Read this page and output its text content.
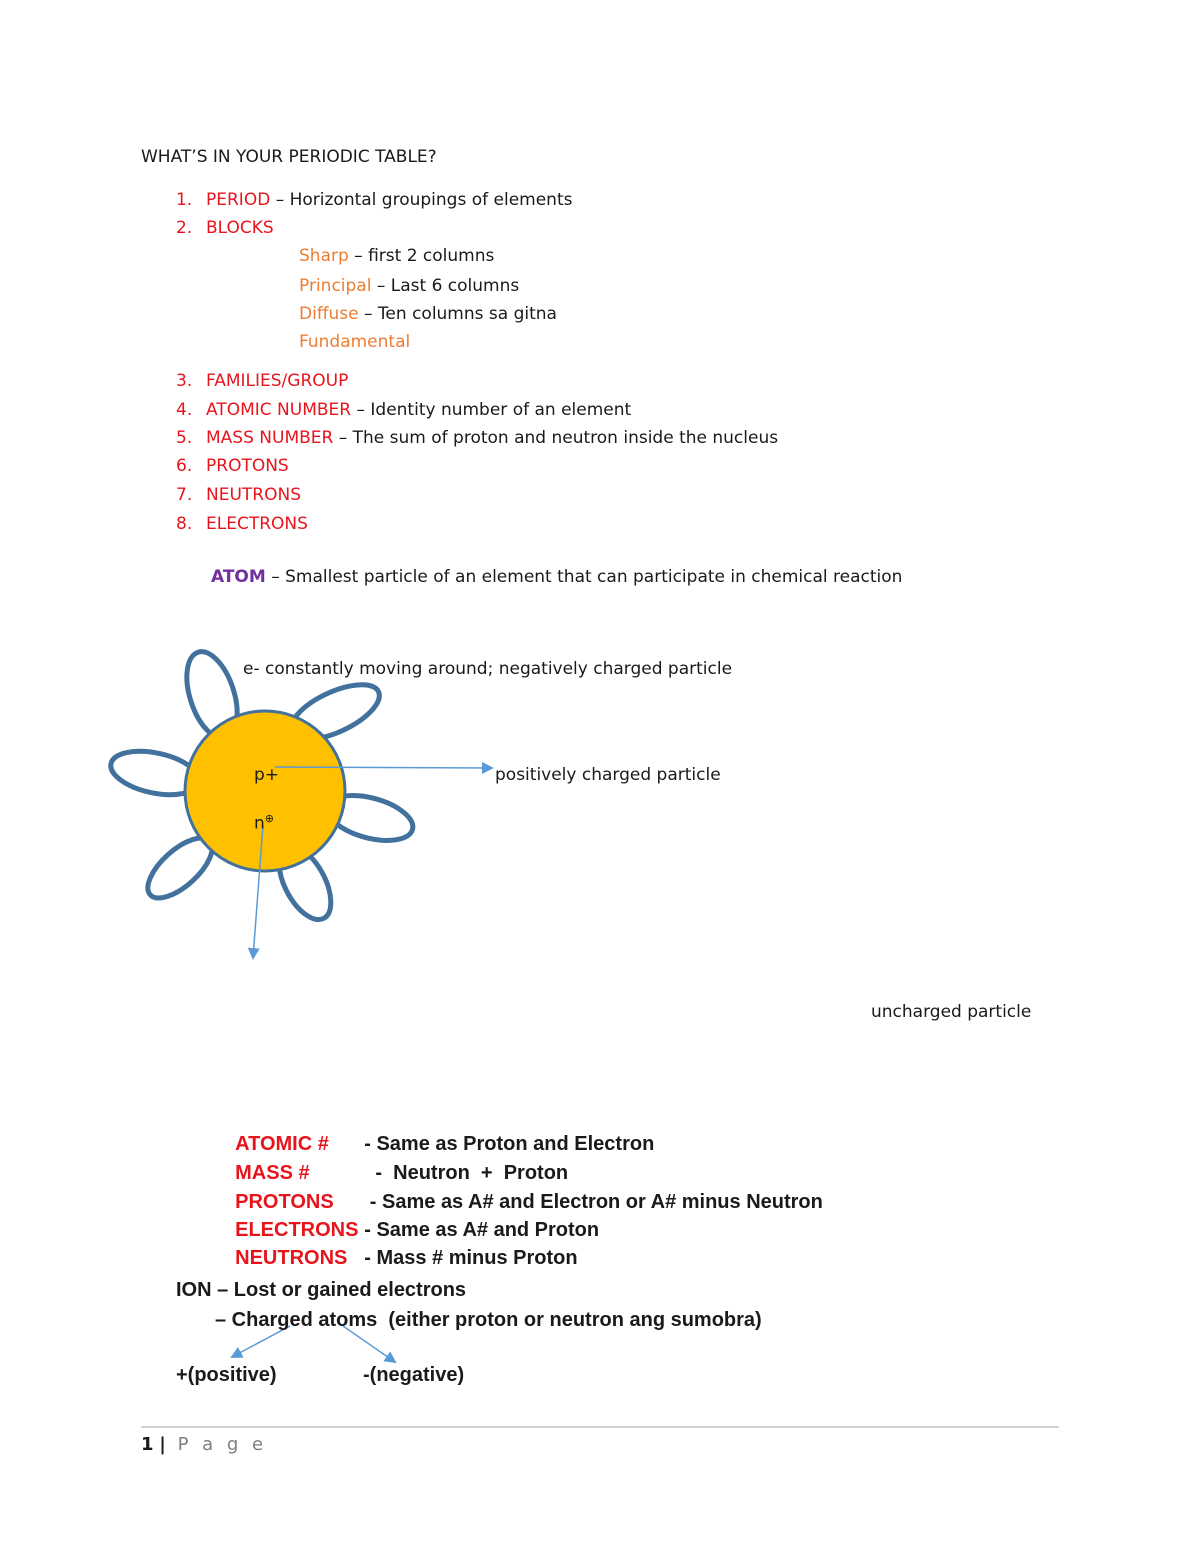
WHAT’S IN YOUR PERIODIC TABLE?
1. PERIOD – Horizontal groupings of elements
2. BLOCKS
Sharp – first 2 columns
Principal – Last 6 columns
Diffuse – Ten columns sa gitna
Fundamental
3. FAMILIES/GROUP
4. ATOMIC NUMBER – Identity number of an element
5. MASS NUMBER – The sum of proton and neutron inside the nucleus
6. PROTONS
7. NEUTRONS
8. ELECTRONS
ATOM – Smallest particle of an element that can participate in chemical reaction
e- constantly moving around; negatively charged particle
p+
n⊕
positively charged particle
uncharged particle

ATOMIC #  - Same as Proton and Electron

MASS #    -  Neutron  +  Proton

PROTONS   - Same as A# and Electron or A# minus Neutron

ELECTRONS  - Same as A# and Proton

NEUTRONS  - Mass # minus Proton

ION – Lost or gained electrons
– Charged atoms  (either proton or neutron ang sumobra)
+(positive)	-(negative)
1 | P a g e
